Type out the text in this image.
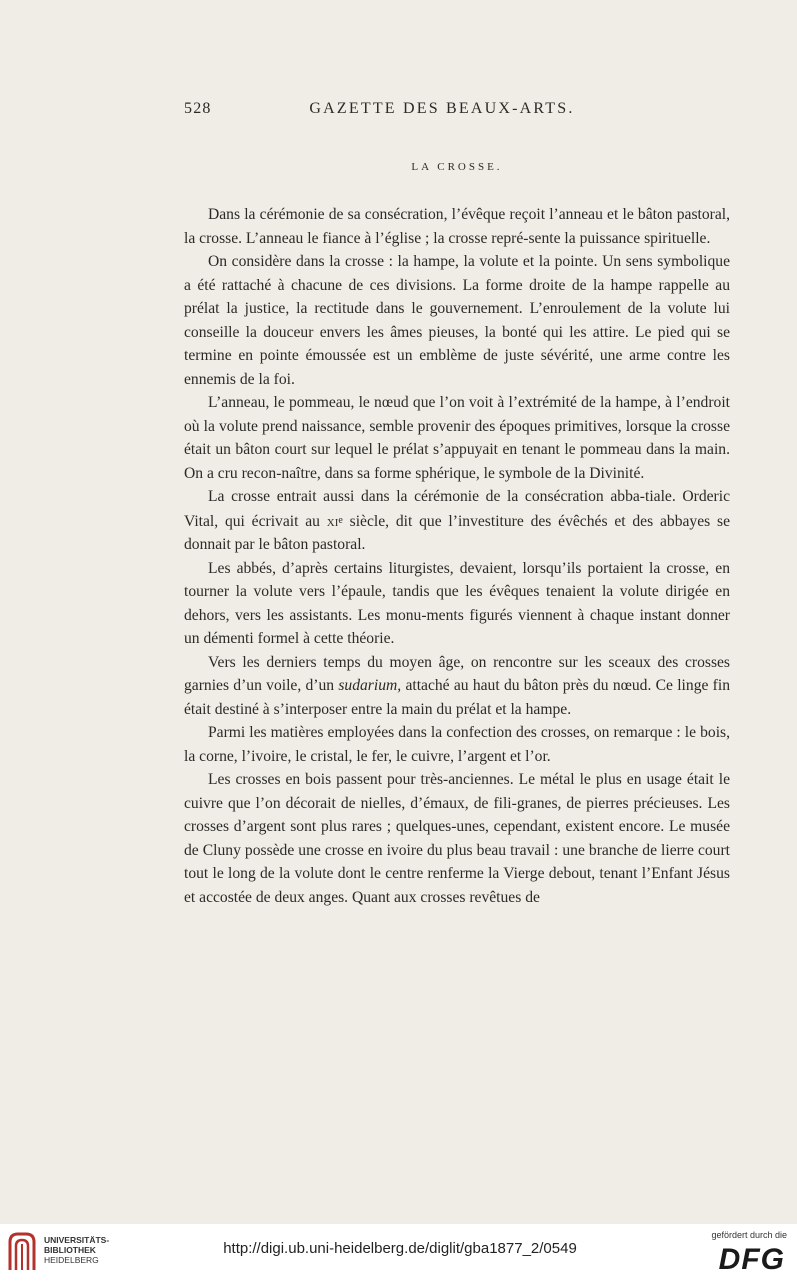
528	GAZETTE DES BEAUX-ARTS.
LA CROSSE.

Dans la cérémonie de sa consécration, l’évêque reçoit l’anneau et le bâton pastoral, la crosse. L’anneau le fiance à l’église ; la crosse repré-sente la puissance spirituelle.

On considère dans la crosse : la hampe, la volute et la pointe. Un sens symbolique a été rattaché à chacune de ces divisions. La forme droite de la hampe rappelle au prélat la justice, la rectitude dans le gouvernement. L’enroulement de la volute lui conseille la douceur envers les âmes pieuses, la bonté qui les attire. Le pied qui se termine en pointe émoussée est un emblème de juste sévérité, une arme contre les ennemis de la foi.

L’anneau, le pommeau, le nœud que l’on voit à l’extrémité de la hampe, à l’endroit où la volute prend naissance, semble provenir des époques primitives, lorsque la crosse était un bâton court sur lequel le prélat s’appuyait en tenant le pommeau dans la main. On a cru recon-naître, dans sa forme sphérique, le symbole de la Divinité.

La crosse entrait aussi dans la cérémonie de la consécration abba-tiale. Orderic Vital, qui écrivait au $xi^e$ siècle, dit que l’investiture des évêchés et des abbayes se donnait par le bâton pastoral.

Les abbés, d’après certains liturgistes, devaient, lorsqu’ils portaient la crosse, en tourner la volute vers l’épaule, tandis que les évêques tenaient la volute dirigée en dehors, vers les assistants. Les monu-ments figurés viennent à chaque instant donner un démenti formel à cette théorie.

Vers les derniers temps du moyen âge, on rencontre sur les sceaux des crosses garnies d’un voile, d’un sudarium, attaché au haut du bâton près du nœud. Ce linge fin était destiné à s’interposer entre la main du prélat et la hampe.

Parmi les matières employées dans la confection des crosses, on remarque : le bois, la corne, l’ivoire, le cristal, le fer, le cuivre, l’argent et l’or.

Les crosses en bois passent pour très-anciennes. Le métal le plus en usage était le cuivre que l’on décorait de nielles, d’émaux, de fili-granes, de pierres précieuses. Les crosses d’argent sont plus rares ; quelques-unes, cependant, existent encore. Le musée de Cluny possède une crosse en ivoire du plus beau travail : une branche de lierre court tout le long de la volute dont le centre renferme la Vierge debout, tenant l’Enfant Jésus et accostée de deux anges. Quant aux crosses revêtues de

UNIVERSITÄTS-
BIBLIOTHEK
HEIDELBERG
http://digi.ub.uni-heidelberg.de/diglit/gba1877_2/0549
gefördert durch die
DFG
